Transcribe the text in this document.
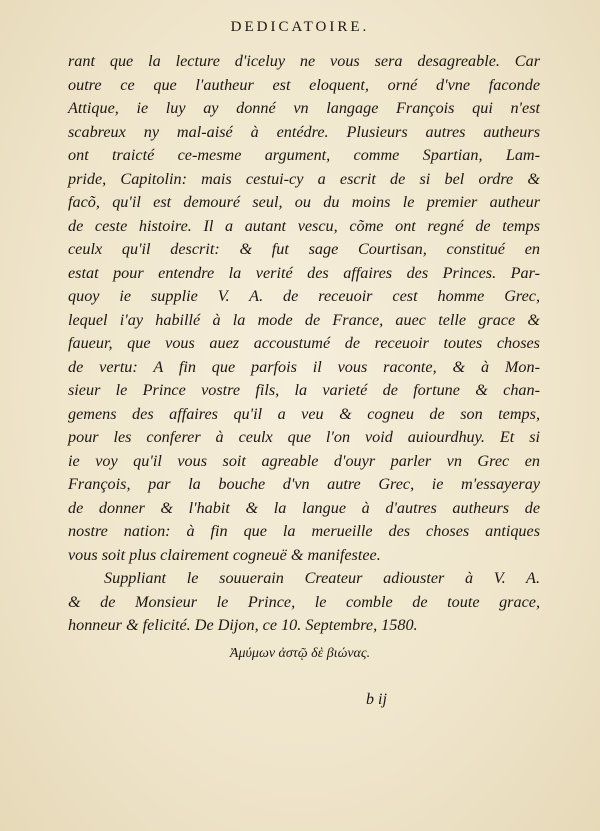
DEDICATOIRE.
rant que la lecture d'iceluy ne vous sera desagreable. Car
outre ce que l'autheur est eloquent, orné d'vne faconde
Attique, ie luy ay donné vn langage François qui n'est
scabreux ny mal-aisé à entédre. Plusieurs autres autheurs
ont traicté ce-mesme argument, comme Spartian, Lam-
pride, Capitolin: mais cestui-cy a escrit de si bel ordre &
facõ, qu'il est demouré seul, ou du moins le premier autheur
de ceste histoire. Il a autant vescu, cõme ont regné de temps
ceulx qu'il descrit: & fut sage Courtisan, constitué en
estat pour entendre la verité des affaires des Princes. Par-
quoy ie supplie V. A. de receuoir cest homme Grec,
lequel i'ay habillé à la mode de France, auec telle grace &
faueur, que vous auez accoustumé de receuoir toutes choses
de vertu: A fin que parfois il vous raconte, & à Mon-
sieur le Prince vostre fils, la varieté de fortune & chan-
gemens des affaires qu'il a veu & cogneu de son temps,
pour les conferer à ceulx que l'on void auiourdhuy. Et si
ie voy qu'il vous soit agreable d'ouyr parler vn Grec en
François, par la bouche d'vn autre Grec, ie m'essayeray
de donner & l'habit & la langue à d'autres autheurs de
nostre nation: à fin que la merueille des choses antiques
vous soit plus clairement cogneuë & manifestee.
Suppliant le souuerain Createur adiouster à V. A.
& de Monsieur le Prince, le comble de toute grace,
honneur & felicité. De Dijon, ce 10. Septembre, 1580.
Ἀμύμων ἀστῷ δὲ βιώνας.
b ij
